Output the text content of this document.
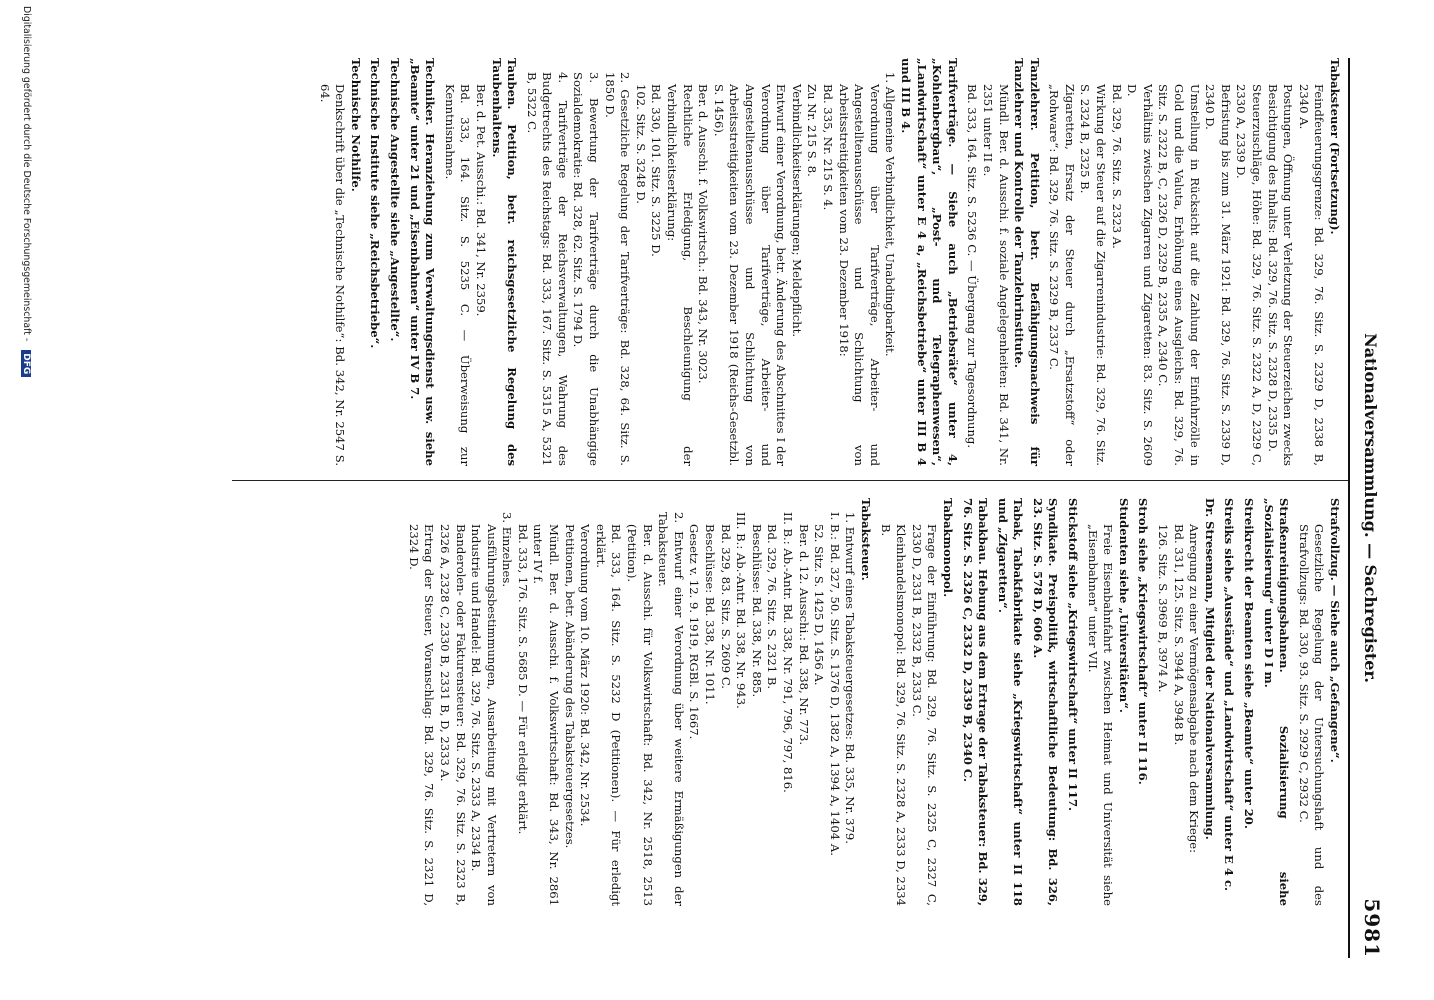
Nationalversammlung. — Sachregister.
5981
Tabaksteuer (Fortsetzung).
Feindfeuerungsgrenze: Bd. 329, 76. Sitz. S. 2329 D, 2338 B, 2340 A.
Postungen, Öffnung unter Verletzung der Steuerzeichen zwecks Besichtigung des Inhalts: Bd. 329, 76. Sitz. S. 2328 D, 2335 D.
Steuerzuschläge, Höhe: Bd. 329, 76. Sitz. S. 2322 A, D, 2329 C, 2330 A, 2339 D.
Befristung bis zum 31. März 1921: Bd. 329, 76. Sitz. S. 2339 D, 2340 D.
Umstellung in Rücksicht auf die Zahlung der Einfuhrzölle in Gold und die Valuta, Erhöhung eines Ausgleichs: Bd. 329, 76. Sitz. S. 2322 B, C, 2326 D, 2329 B, 2335 A, 2340 C.
Verhältnis zwischen Zigarren und Zigaretten: 83. Sitz. S. 2609 D.
Bd. 329, 76. Sitz. S. 2323 A.
Wirkung der Steuer auf die Zigarrenindustrie: Bd. 329, 76. Sitz. S. 2324 B, 2325 B.
Zigaretten, Ersatz der Steuer durch „Ersatzstoff“ oder „Rohware“: Bd. 329, 76. Sitz. S. 2329 B, 2337 C.
Tanzlehrer. Petition, betr. Befähigungsnachweis für Tanzlehrer und Kontrolle der Tanzlehrinstitute.
Mündl. Ber. d. Ausschi. f. soziale Angelegenheiten: Bd. 341, Nr. 2351 unter II e.
Bd. 333, 164. Sitz. S. 5236 C. — Übergang zur Tagesordnung.
Tarifverträge. — Siehe auch „Betriebsräte“ unter 4, „Kohlenbergbau“, „Post- und Telegraphenwesen“, „Landwirtschaft“ unter E 4 a, „Reichsbetriebe“ unter III B 4 und III B 4.
1. Allgemeine Verbindlichkeit, Unabdingbarkeit.
Verordnung über Tarifverträge, Arbeiter- und Angestelltenausschüsse und Schlichtung von Arbeitsstreitigkeiten vom 23. Dezember 1918:
Bd. 335, Nr. 215 S. 4.
Zu Nr. 215 S. 8.
Verbindlichkeitserklärungen; Meldepflicht.
Entwurf einer Verordnung, betr. Änderung des Abschnittes I der Verordnung über Tarifverträge, Arbeiter- und Angestelltenausschüsse und Schlichtung von Arbeitsstreitigkeiten vom 23. Dezember 1918 (Reichs-Gesetzbl. S. 1456).
Ber. d. Ausschi. f. Volkswirtsch.: Bd. 343, Nr. 3023.
Rechtliche Erledigung, Beschleunigung der Verbindlichkeitserklärung:
Bd. 330, 101. Sitz. S. 3225 D.
102. Sitz. S. 3248 D.
2. Gesetzliche Regelung der Tarifverträge: Bd. 328, 64. Sitz. S. 1850 D.
3. Bewertung der Tarifverträge durch die Unabhängige Sozialdemokratie: Bd. 328, 62. Sitz. S. 1794 D.
4. Tarifverträge der Reichsverwaltungen, Wahrung des Budgetrechts des Reichstags: Bd. 333, 167. Sitz. S. 5315 A, 5321 B, 5322 C.
Tauben. Petition, betr. reichsgesetzliche Regelung des Taubenhaltens.
Ber. d. Pet. Ausschi.: Bd. 341, Nr. 2359.
Bd. 333, 164. Sitz. S. 5235 C. — Überweisung zur Kenntnisnahme.
Techniker. Heranziehung zum Verwaltungsdienst usw. siehe „Beamte“ unter 21 und „Eisenbahnen“ unter IV B 7.
Technische Angestellte siehe „Angestellte“.
Technische Institute siehe „Reichsbetriebe“.
Technische Nothilfe.
Denkschrift über die „Technische Nothilfe“: Bd. 342, Nr. 2547 S. 64.
Strafvollzug. — Siehe auch „Gefangene“.
Gesetzliche Regelung der Untersuchungshaft und des Strafvollzugs: Bd. 330, 93. Sitz. S. 2929 C, 2932 C.
Straßenreinigungsbahnen. Sozialisierung siehe „Sozialisierung“ unter D I m.
Streikrecht der Beamten siehe „Beamte“ unter 20.
Streiks siehe „Ausstände“ und „Landwirtschaft“ unter E 4 c.
Dr. Stresemann, Mitglied der Nationalversammlung.
Anregung zu einer Vermögensabgabe nach dem Kriege:
Bd. 331, 125. Sitz. S. 3944 A, 3948 B.
126. Sitz. S. 3969 B, 3974 A.
Stroh siehe „Kriegswirtschaft“ unter II 116.
Studenten siehe „Universitäten“.
Freie Eisenbahnfahrt zwischen Heimat und Universität siehe „Eisenbahnen“ unter VII.
Stickstoff siehe „Kriegswirtschaft“ unter II 117.
Syndikate. Preispolitik, wirtschaftliche Bedeutung: Bd. 326, 23. Sitz. S. 578 D, 606 A.
Tabak, Tabakfabrikate siehe „Kriegswirtschaft“ unter II 118 und „Zigaretten“.
Tabakbau. Hebung aus dem Ertrage der Tabaksteuer: Bd. 329, 76. Sitz. S. 2326 C, 2332 D, 2339 B, 2340 C.
Tabakmonopol.
Frage der Einführung: Bd. 329, 76. Sitz. S. 2325 C, 2327 C, 2330 D, 2331 B, 2332 B, 2333 C.
Kleinhandelsmonopol: Bd. 329, 76. Sitz. S. 2328 A, 2333 D, 2334 B.
Tabaksteuer.
1. Entwurf eines Tabaksteuergesetzes: Bd. 335, Nr. 379.
I. B.: Bd. 327, 50. Sitz. S. 1376 D, 1382 A, 1394 A, 1404 A.
52. Sitz. S. 1425 D, 1456 A.
Ber. d. 12. Ausschi.: Bd. 338, Nr. 773.
II. B.: Ab.-Antr. Bd. 338, Nr. 791, 796, 797, 816.
Bd. 329, 76. Sitz. S. 2321 B.
Beschlüsse: Bd. 338, Nr. 885.
III. B.: Ab.-Antr. Bd. 338, Nr. 943.
Bd. 329, 83. Sitz. S. 2609 C.
Beschlüsse: Bd. 338, Nr. 1011.
Gesetz v. 12. 9. 1919, RGBl. S. 1667.
2. Entwurf einer Verordnung über weitere Ermäßigungen der Tabaksteuer.
Ber. d. Ausschi. für Volkswirtschaft: Bd. 342, Nr. 2518, 2513 (Petition).
Bd. 333, 164. Sitz. S. 5232 D (Petitionen). — Für erledigt erklärt.
Verordnung vom 10. März 1920: Bd. 342, Nr. 2534.
Petitionen, betr. Abänderung des Tabaksteuergesetzes.
Mündl. Ber. d. Ausschi. f. Volkswirtschaft: Bd. 343, Nr. 2861 unter IV f.
Bd. 333, 176. Sitz. S. 5685 D. — Für erledigt erklärt.
3. Einzelnes.
Ausführungsbestimmungen, Ausarbeitung mit Vertretern von Industrie und Handel: Bd. 329, 76. Sitz. S. 2333 A, 2334 B.
Banderolen- oder Fakturensteuer: Bd. 329, 76. Sitz. S. 2323 B, 2326 A, 2328 C, 2330 B, 2331 B, D, 2333 A.
Ertrag der Steuer, Voranschlag: Bd. 329, 76. Sitz. S. 2321 D, 2324 D.
Digitalisierung gefördert durch die Deutsche Forschungsgemeinschaft - DFG
